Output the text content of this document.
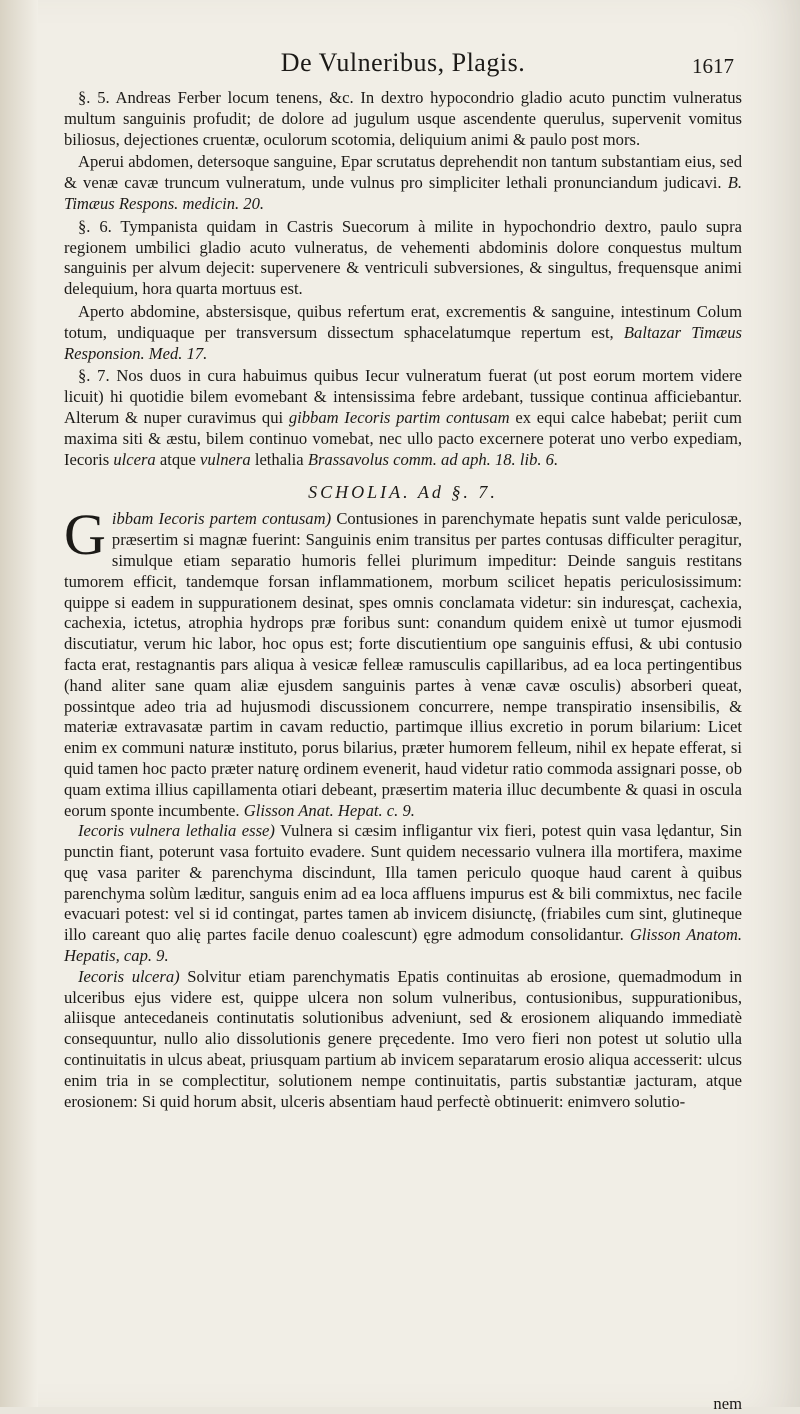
De Vulneribus, Plagis.	1617

§. 5. Andreas Ferber locum tenens, &c. In dextro hypocondrio gladio acuto punctim vulneratus multum sanguinis profudit; de dolore ad jugulum usque ascendente querulus, supervenit vomitus biliosus, dejectiones cruentæ, oculorum scotomia, deliquium animi & paulo post mors.

Aperui abdomen, detersoque sanguine, Epar scrutatus deprehendit non tantum substantiam eius, sed & venæ cavæ truncum vulneratum, unde vulnus pro simpliciter lethali pronunciandum judicavi. B. Timæus Respons. medicin. 20.

§. 6. Tympanista quidam in Castris Suecorum à milite in hypochondrio dextro, paulo supra regionem umbilici gladio acuto vulneratus, de vehementi abdominis dolore conquestus multum sanguinis per alvum dejecit: supervenere & ventriculi subversiones, & singultus, frequensque animi delequium, hora quarta mortuus est.

Aperto abdomine, abstersisque, quibus refertum erat, excrementis & sanguine, intestinum Colum totum, undiquaque per transversum dissectum sphacelatumque repertum est, Baltazar Timæus Responsion. Med. 17.

§. 7. Nos duos in cura habuimus quibus Iecur vulneratum fuerat (ut post eorum mortem videre licuit) hi quotidie bilem evomebant & intensissima febre ardebant, tussique continua afficiebantur. Alterum & nuper curavimus qui gibbam Iecoris partim contusam ex equi calce habebat; periit cum maxima siti & æstu, bilem continuo vomebat, nec ullo pacto excernere poterat uno verbo expediam, Iecoris ulcera atque vulnera lethalia Brassavolus comm. ad aph. 18. lib. 6.

SCHOLIA. Ad §. 7.

Gibbam Iecoris partem contusam) Contusiones in parenchymate hepatis sunt valde periculosæ, præsertim si magnæ fuerint: Sanguinis enim transitus per partes contusas difficulter peragitur, simulque etiam separatio humoris fellei plurimum impeditur: Deinde sanguis restitans tumorem efficit, tandemque forsan inflammationem, morbum scilicet hepatis periculosissimum: quippe si eadem in suppurationem desinat, spes omnis conclamata videtur: sin induresçat, cachexia, cachexia, ictetus, atrophia hydrops præ foribus sunt: conandum quidem enixè ut tumor ejusmodi discutiatur, verum hic labor, hoc opus est; forte discutientium ope sanguinis effusi, & ubi contusio facta erat, restagnantis pars aliqua à vesicæ felleæ ramusculis capillaribus, ad ea loca pertingentibus (hand aliter sane quam aliæ ejusdem sanguinis partes à venæ cavæ osculis) absorberi queat, possintque adeo tria ad hujusmodi discussionem concurrere, nempe transpiratio insensibilis, & materiæ extravasatæ partim in cavam reductio, partimque illius excretio in porum bilarium: Licet enim ex communi naturæ instituto, porus bilarius, præter humorem felleum, nihil ex hepate efferat, si quid tamen hoc pacto præter naturę ordinem evenerit, haud videtur ratio commoda assignari posse, ob quam extima illius capillamenta otiari debeant, præsertim materia illuc decumbente & quasi in oscula eorum sponte incumbente. Glisson Anat. Hepat. c. 9.

Iecoris vulnera lethalia esse) Vulnera si cæsim infligantur vix fieri, potest quin vasa lędantur, Sin punctin fiant, poterunt vasa fortuito evadere. Sunt quidem necessario vulnera illa mortifera, maxime quę vasa pariter & parenchyma discindunt, Illa tamen periculo quoque haud carent à quibus parenchyma solùm læditur, sanguis enim ad ea loca affluens impurus est & bili commixtus, nec facile evacuari potest: vel si id contingat, partes tamen ab invicem disiunctę, (friabiles cum sint, glutineque illo careant quo alię partes facile denuo coalescunt) ęgre admodum consolidantur. Glisson Anatom. Hepatis, cap. 9.

Iecoris ulcera) Solvitur etiam parenchymatis Epatis continuitas ab erosione, quemadmodum in ulceribus ejus videre est, quippe ulcera non solum vulneribus, contusionibus, suppurationibus, aliisque antecedaneis continutatis solutionibus adveniunt, sed & erosionem aliquando immediatè consequuntur, nullo alio dissolutionis genere pręcedente. Imo vero fieri non potest ut solutio ulla continuitatis in ulcus abeat, priusquam partium ab invicem separatarum erosio aliqua accesserit: ulcus enim tria in se complectitur, solutionem nempe continuitatis, partis substantiæ jacturam, atque erosionem: Si quid horum absit, ulceris absentiam haud perfectè obtinuerit: enimvero solutio-

nem
